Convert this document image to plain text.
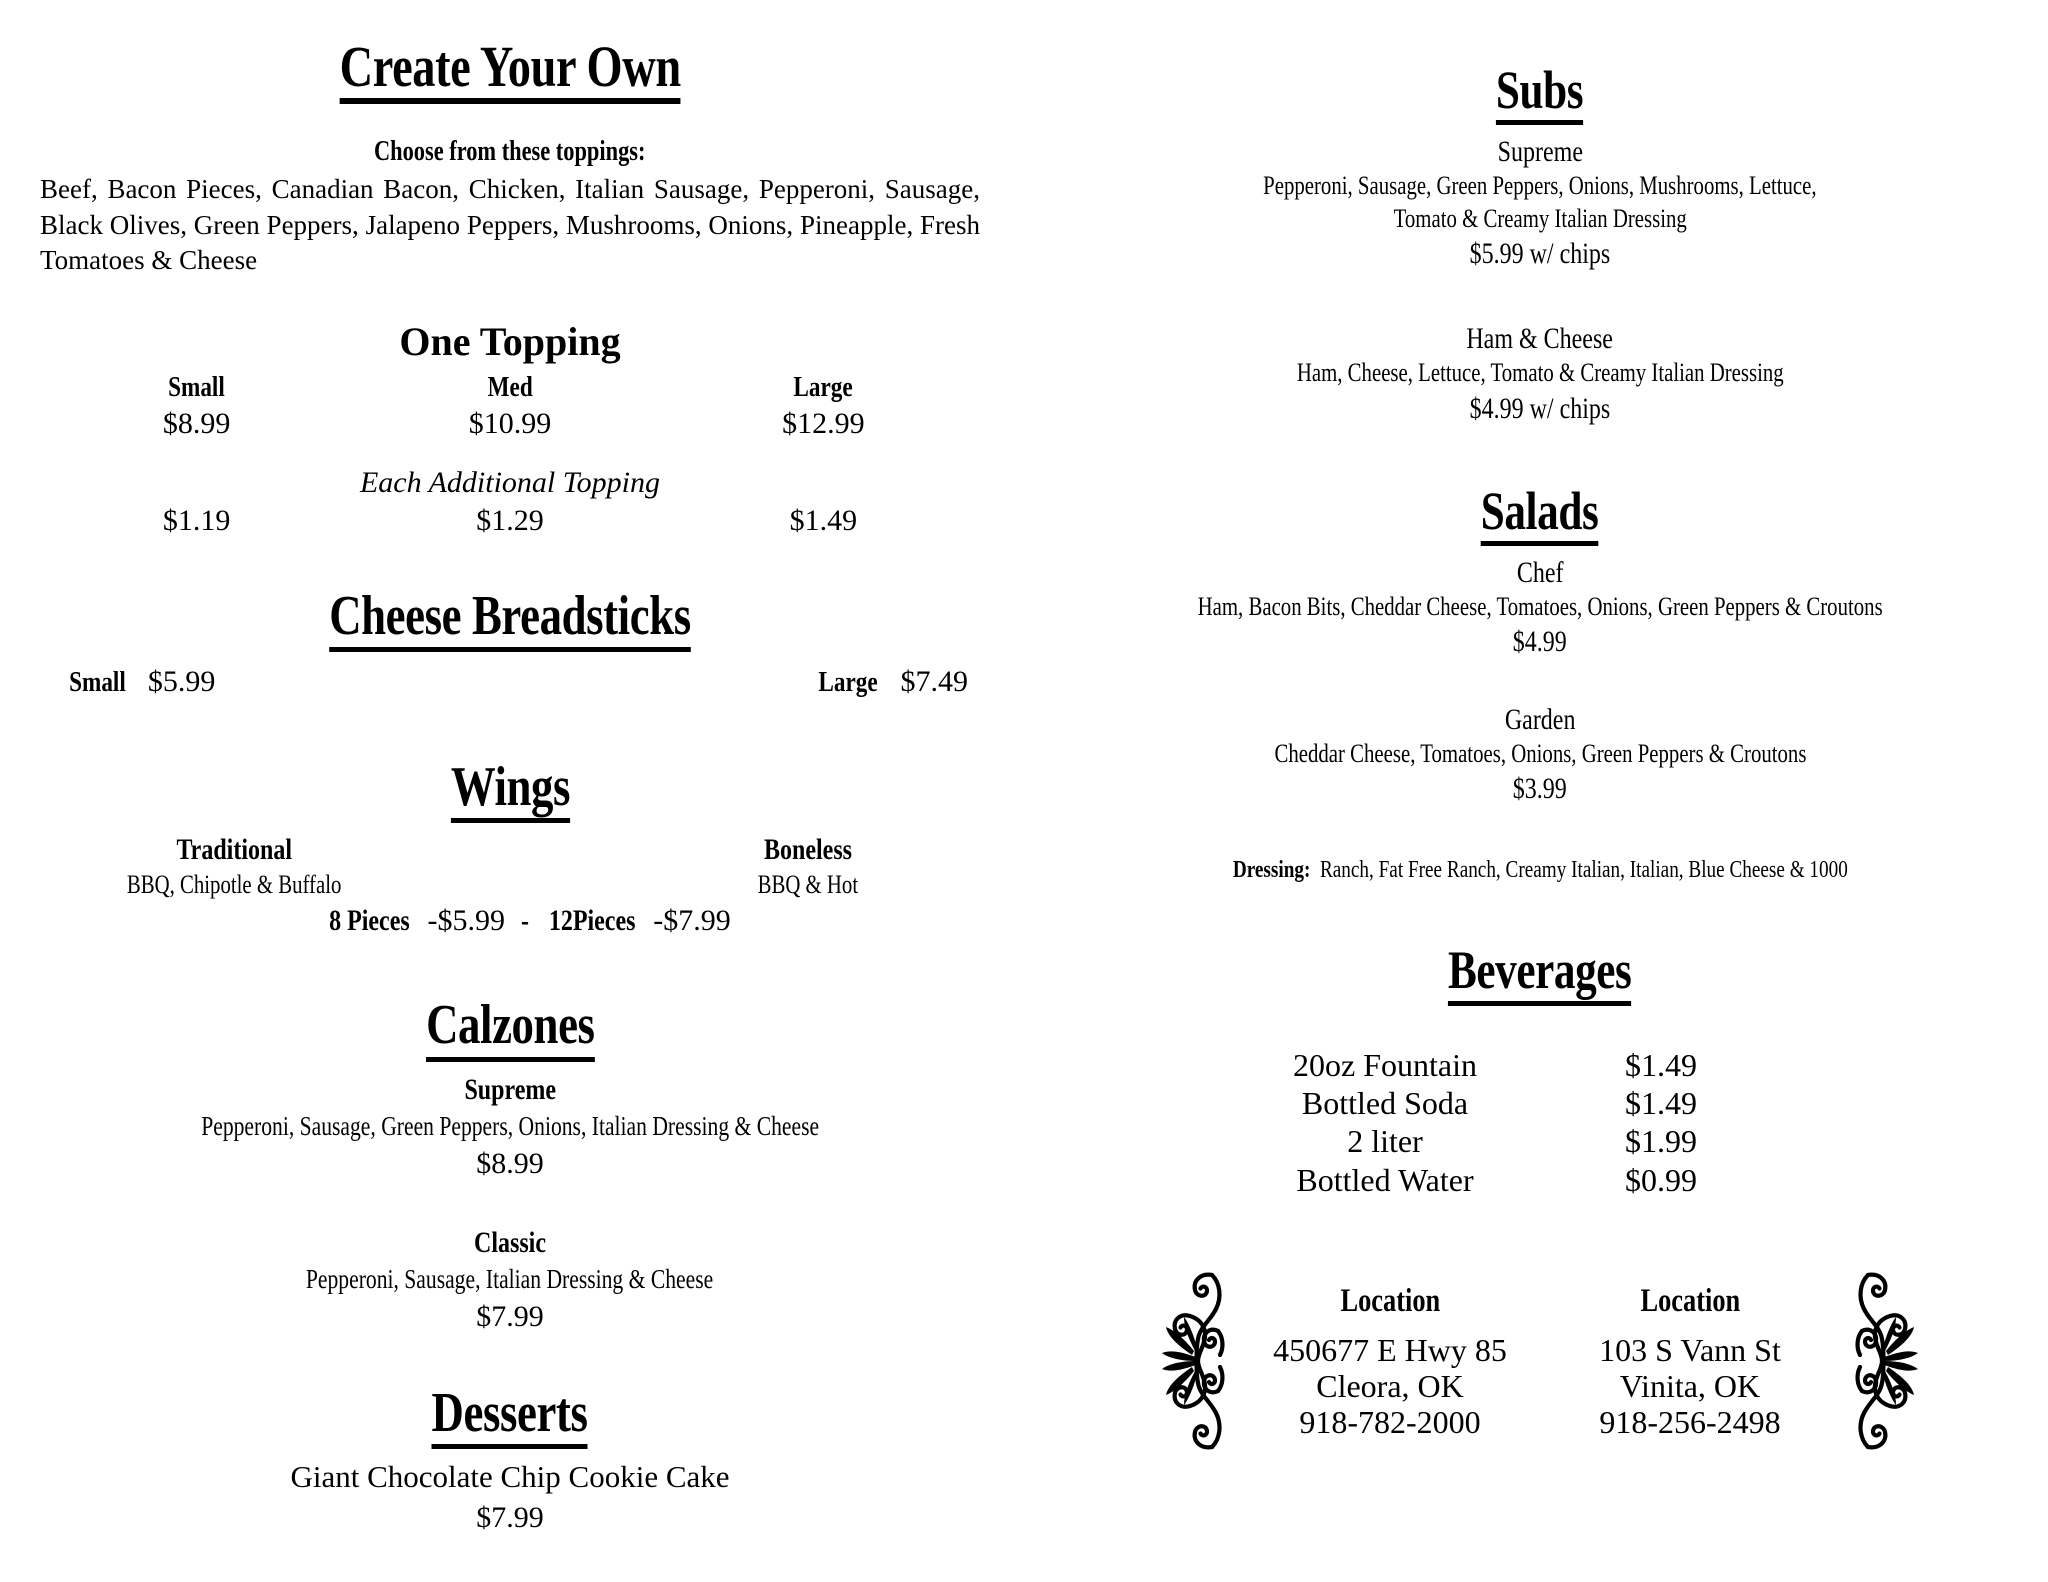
Create Your Own
Choose from these toppings:
Beef, Bacon Pieces, Canadian Bacon, Chicken, Italian Sausage, Pepperoni, Sausage, Black Olives, Green Peppers, Jalapeno Peppers, Mushrooms, Onions, Pineapple, Fresh Tomatoes & Cheese
One Topping
Small	Med	Large
$8.99	$10.99	$12.99
Each Additional Topping
$1.19	$1.29	$1.49
Cheese Breadsticks
Small $5.99	Large $7.49
Wings
Traditional
BBQ, Chipotle & Buffalo
Boneless
BBQ & Hot
8 Pieces -$5.99 - 12Pieces -$7.99
Calzones
Supreme
Pepperoni, Sausage, Green Peppers, Onions, Italian Dressing & Cheese
$8.99
Classic
Pepperoni, Sausage, Italian Dressing & Cheese
$7.99
Desserts
Giant Chocolate Chip Cookie Cake
$7.99
Subs
Supreme
Pepperoni, Sausage, Green Peppers, Onions, Mushrooms, Lettuce,
Tomato & Creamy Italian Dressing
$5.99 w/ chips
Ham & Cheese
Ham, Cheese, Lettuce, Tomato & Creamy Italian Dressing
$4.99 w/ chips
Salads
Chef
Ham, Bacon Bits, Cheddar Cheese, Tomatoes, Onions, Green Peppers & Croutons
$4.99
Garden
Cheddar Cheese, Tomatoes, Onions, Green Peppers & Croutons
$3.99
Dressing: Ranch, Fat Free Ranch, Creamy Italian, Italian, Blue Cheese & 1000
Beverages
20oz Fountain	$1.49
Bottled Soda	$1.49
2 liter	$1.99
Bottled Water	$0.99
Location
450677 E Hwy 85
Cleora, OK
918-782-2000
Location
103 S Vann St
Vinita, OK
918-256-2498
